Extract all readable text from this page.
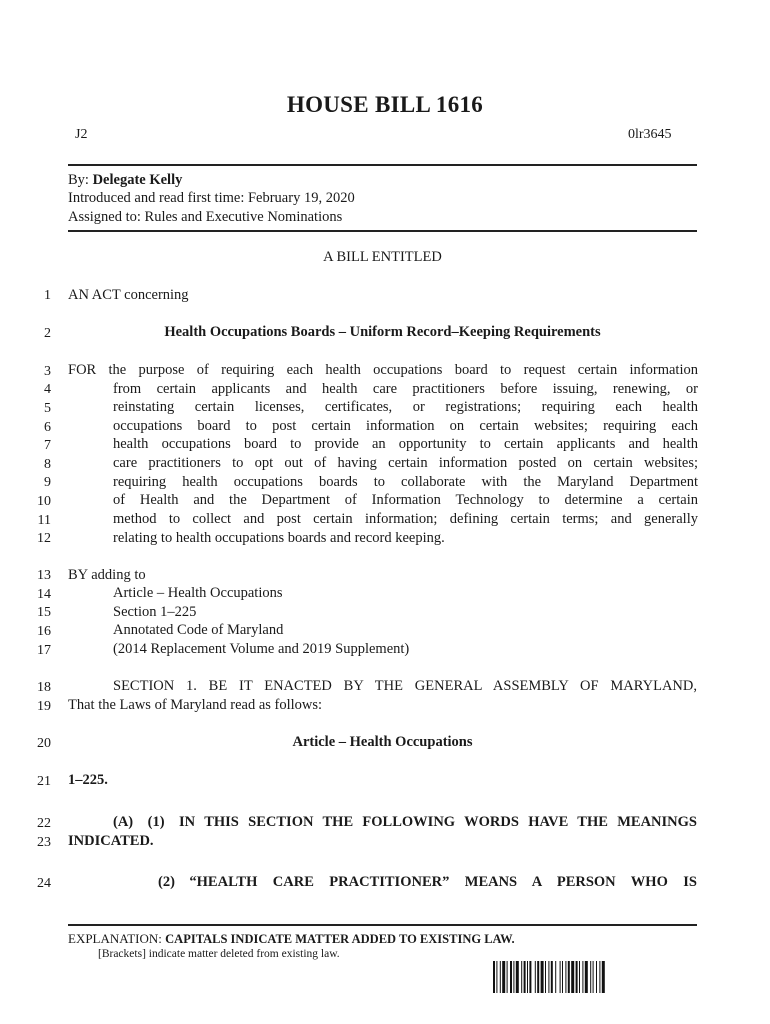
HOUSE BILL 1616
J2	0lr3645
By: Delegate Kelly
Introduced and read first time: February 19, 2020
Assigned to: Rules and Executive Nominations
A BILL ENTITLED
1 AN ACT concerning
2	Health Occupations Boards – Uniform Record–Keeping Requirements
3 FOR the purpose of requiring each health occupations board to request certain information
4	from certain applicants and health care practitioners before issuing, renewing, or
5	reinstating certain licenses, certificates, or registrations; requiring each health
6	occupations board to post certain information on certain websites; requiring each
7	health occupations board to provide an opportunity to certain applicants and health
8	care practitioners to opt out of having certain information posted on certain websites;
9	requiring health occupations boards to collaborate with the Maryland Department
10	of Health and the Department of Information Technology to determine a certain
11	method to collect and post certain information; defining certain terms; and generally
12	relating to health occupations boards and record keeping.
13 BY adding to
14	Article – Health Occupations
15	Section 1–225
16	Annotated Code of Maryland
17	(2014 Replacement Volume and 2019 Supplement)
18	SECTION 1. BE IT ENACTED BY THE GENERAL ASSEMBLY OF MARYLAND,
19 That the Laws of Maryland read as follows:
20	Article – Health Occupations
21 1–225.
22	(A) (1) IN THIS SECTION THE FOLLOWING WORDS HAVE THE MEANINGS
23 INDICATED.
24	(2) “HEALTH CARE PRACTITIONER” MEANS A PERSON WHO IS
EXPLANATION: CAPITALS INDICATE MATTER ADDED TO EXISTING LAW.
[Brackets] indicate matter deleted from existing law.
